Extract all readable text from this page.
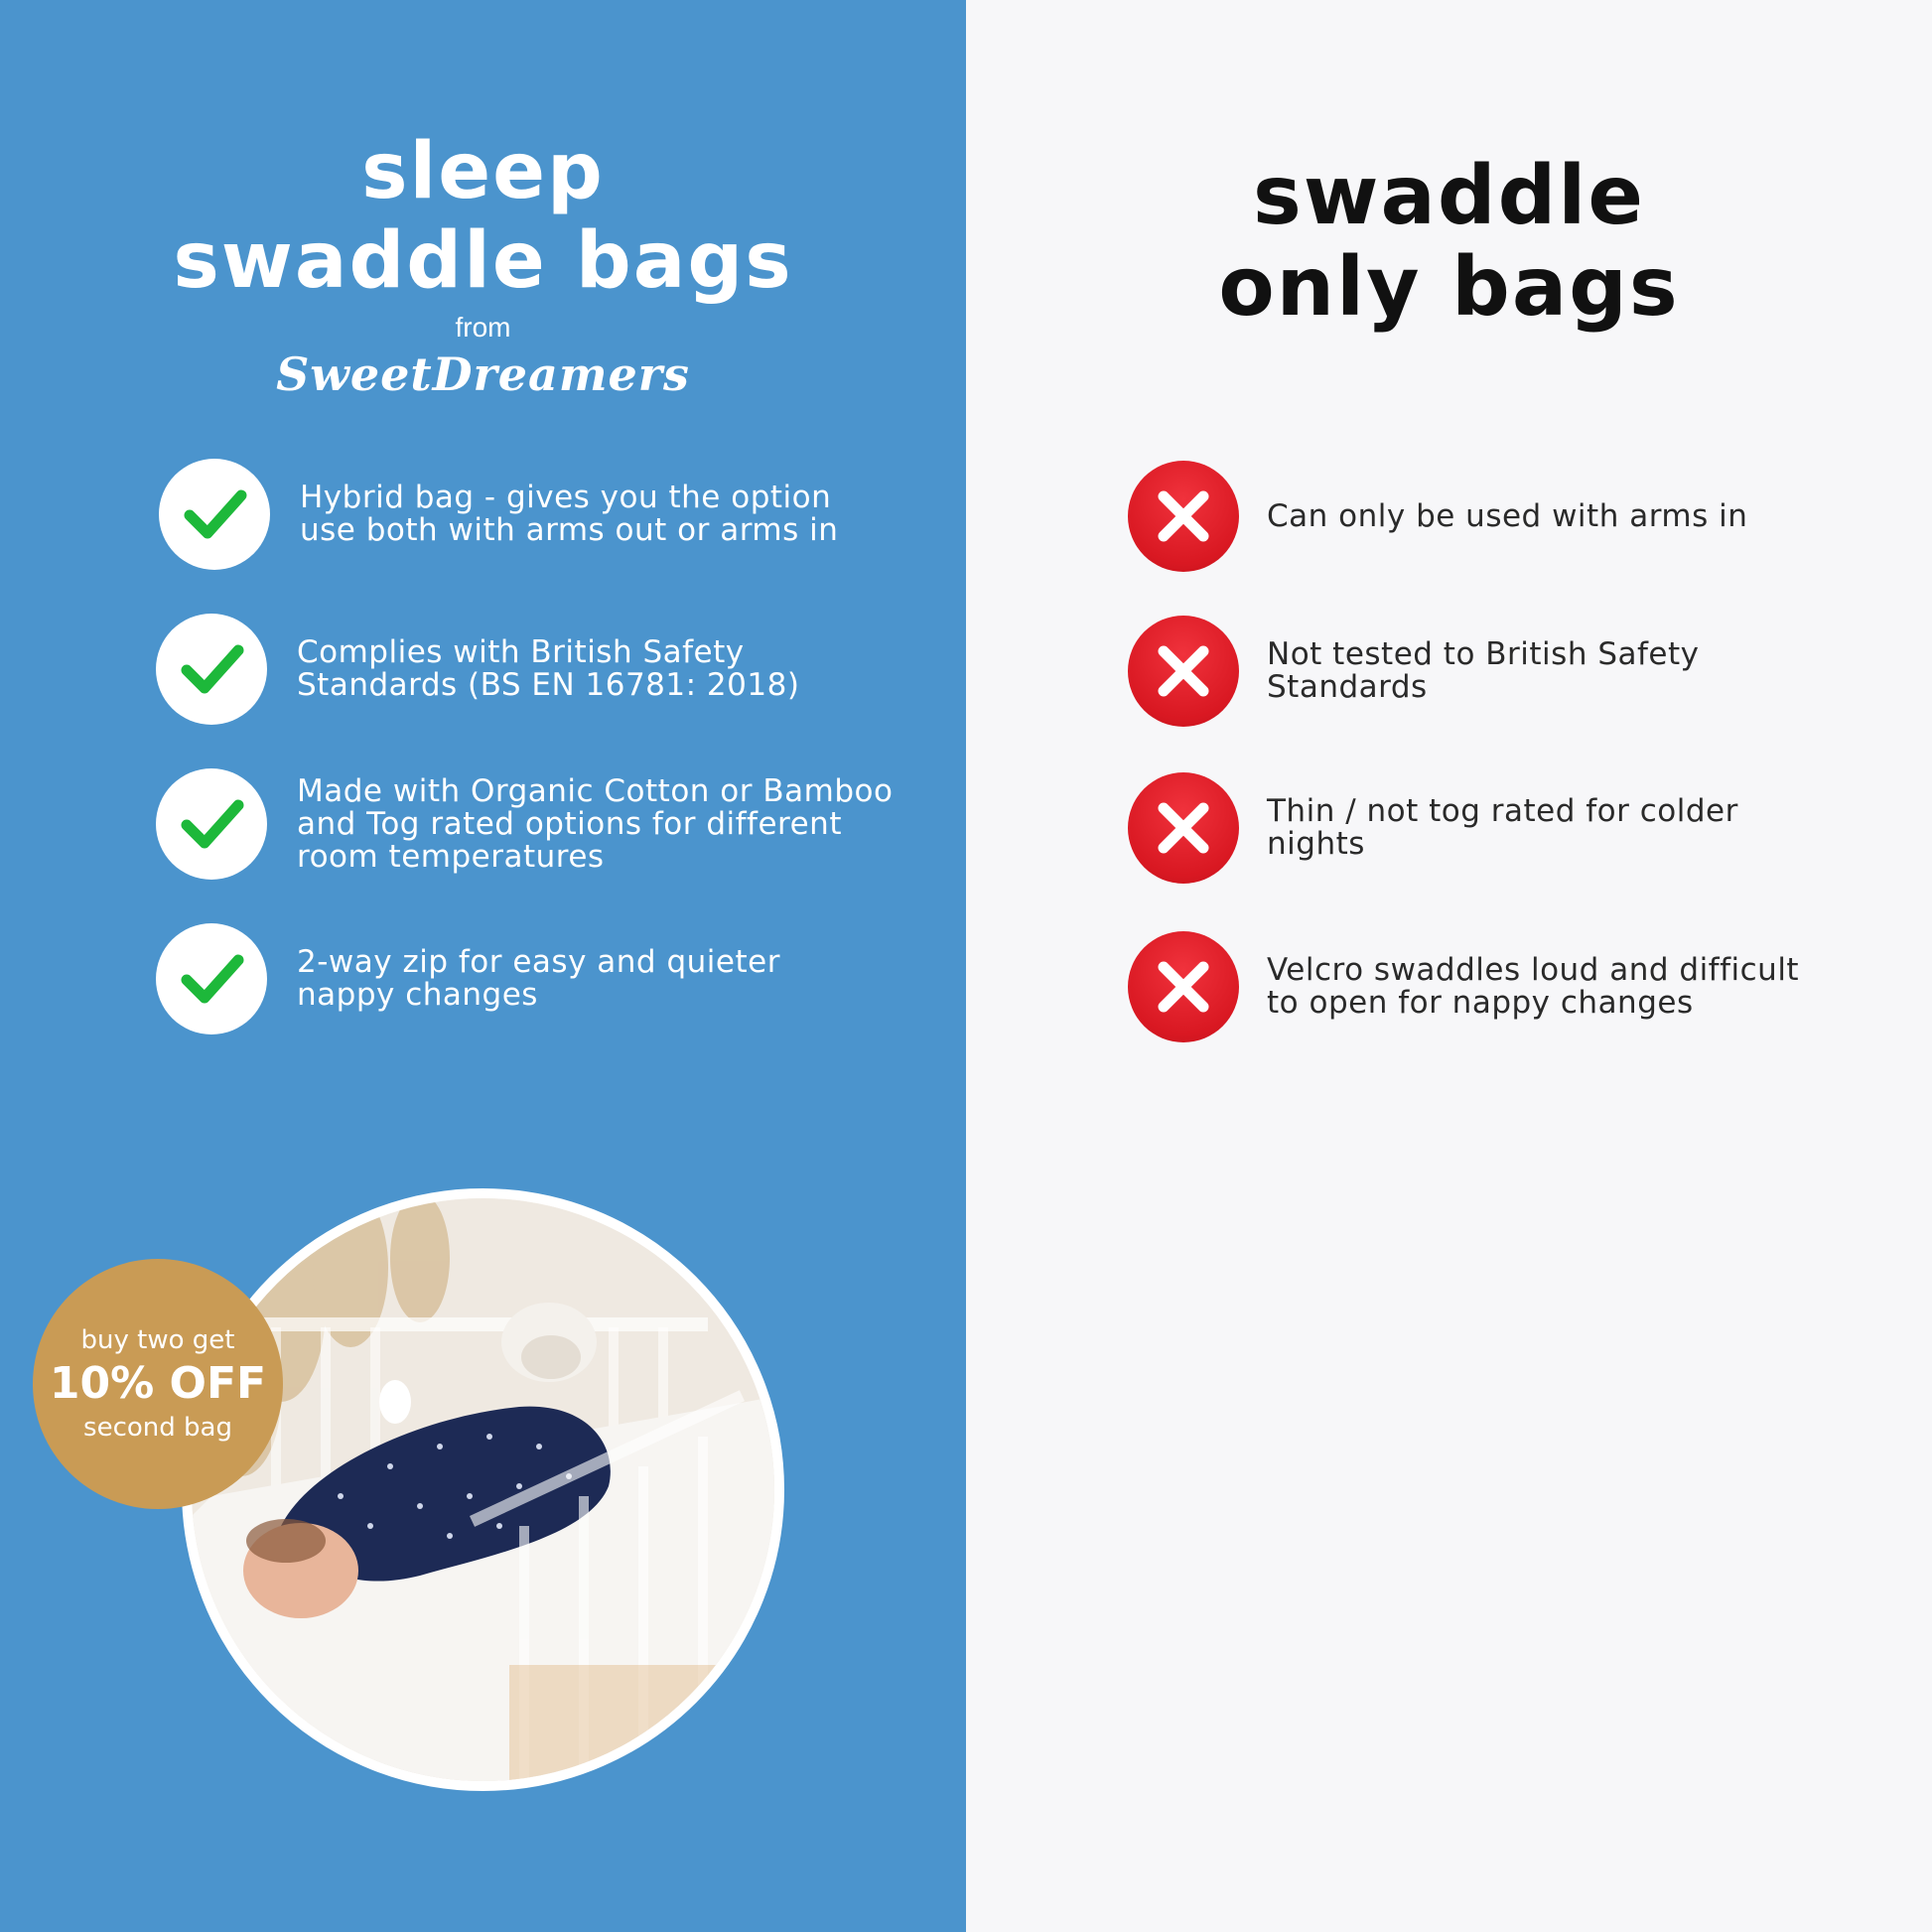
sleep
swaddle bags
from
SweetDreamers
Hybrid bag - gives you the option
use both with arms out or arms in
Complies with British Safety
Standards (BS EN 16781: 2018)
Made with Organic Cotton or Bamboo
and Tog rated options for different
room temperatures
2-way zip for easy and quieter
nappy changes
buy two get
10% OFF
second bag
swaddle
only bags
Can only be used with arms in
Not tested to British Safety
Standards
Thin / not tog rated for colder
nights
Velcro swaddles loud and difficult
to open for nappy changes
